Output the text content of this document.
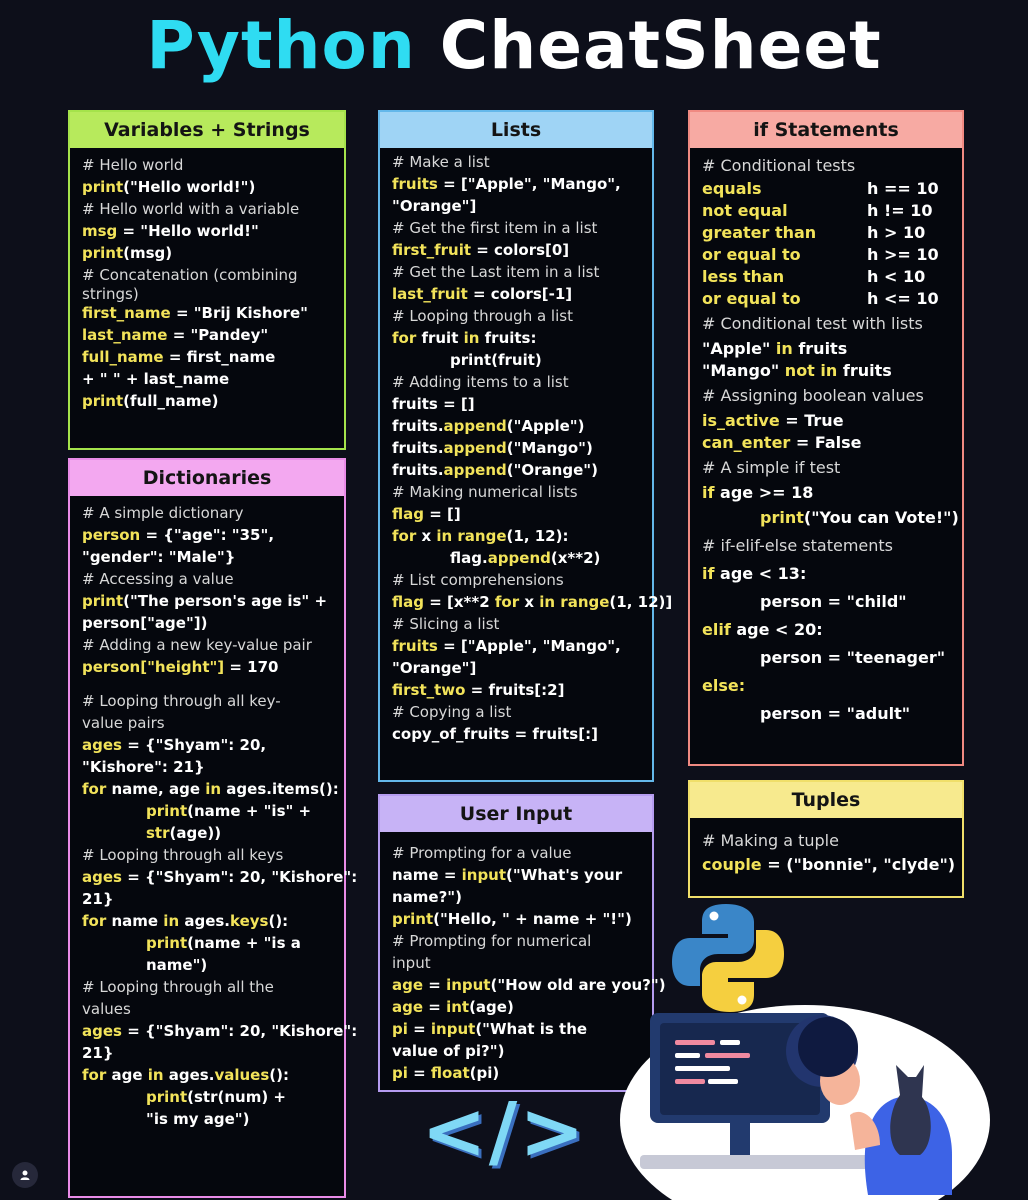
Python CheatSheet
Variables + Strings
# Hello world
print("Hello world!")
# Hello world with a variable
msg = "Hello world!"
print(msg)
# Concatenation (combining
strings)
first_name = "Brij Kishore"
last_name = "Pandey"
full_name = first_name
+ " " + last_name
print(full_name)
Dictionaries
# A simple dictionary
person = {"age": "35",
"gender": "Male"}
# Accessing a value
print("The person's age is" +
person["age"])
# Adding a new key-value pair
person["height"] = 170
# Looping through all key-
value pairs
ages = {"Shyam": 20,
"Kishore": 21}
for name, age in ages.items():
print(name + "is" +
str(age))
# Looping through all keys
ages = {"Shyam": 20, "Kishore":
21}
for name in ages.keys():
print(name + "is a
name")
# Looping through all the
values
ages = {"Shyam": 20, "Kishore":
21}
for age in ages.values():
print(str(num) +
"is my age")
Lists
# Make a list
fruits = ["Apple", "Mango",
"Orange"]
# Get the first item in a list
first_fruit = colors[0]
# Get the Last item in a list
last_fruit = colors[-1]
# Looping through a list
for fruit in fruits:
print(fruit)
# Adding items to a list
fruits = []
fruits.append("Apple")
fruits.append("Mango")
fruits.append("Orange")
# Making numerical lists
flag = []
for x in range(1, 12):
flag.append(x**2)
# List comprehensions
flag = [x**2 for x in range(1, 12)]
# Slicing a list
fruits = ["Apple", "Mango",
"Orange"]
first_two = fruits[:2]
# Copying a list
copy_of_fruits = fruits[:]
User Input
# Prompting for a value
name = input("What's your
name?")
print("Hello, " + name + "!")
# Prompting for numerical
input
age = input("How old are you?")
age = int(age)
pi = input("What is the
value of pi?")
pi = float(pi)
if Statements
# Conditional tests
equals	h == 10
not equal	h != 10
greater than	h > 10
or equal to	h >= 10
less than	h < 10
or equal to	h <= 10
# Conditional test with lists
"Apple" in fruits
"Mango" not in fruits
# Assigning boolean values
is_active = True
can_enter = False
# A simple if test
if age >= 18
print("You can Vote!")
# if-elif-else statements
if age < 13:
person = "child"
elif age < 20:
person = "teenager"
else:
person = "adult"
Tuples
# Making a tuple
couple = ("bonnie", "clyde")
</>
